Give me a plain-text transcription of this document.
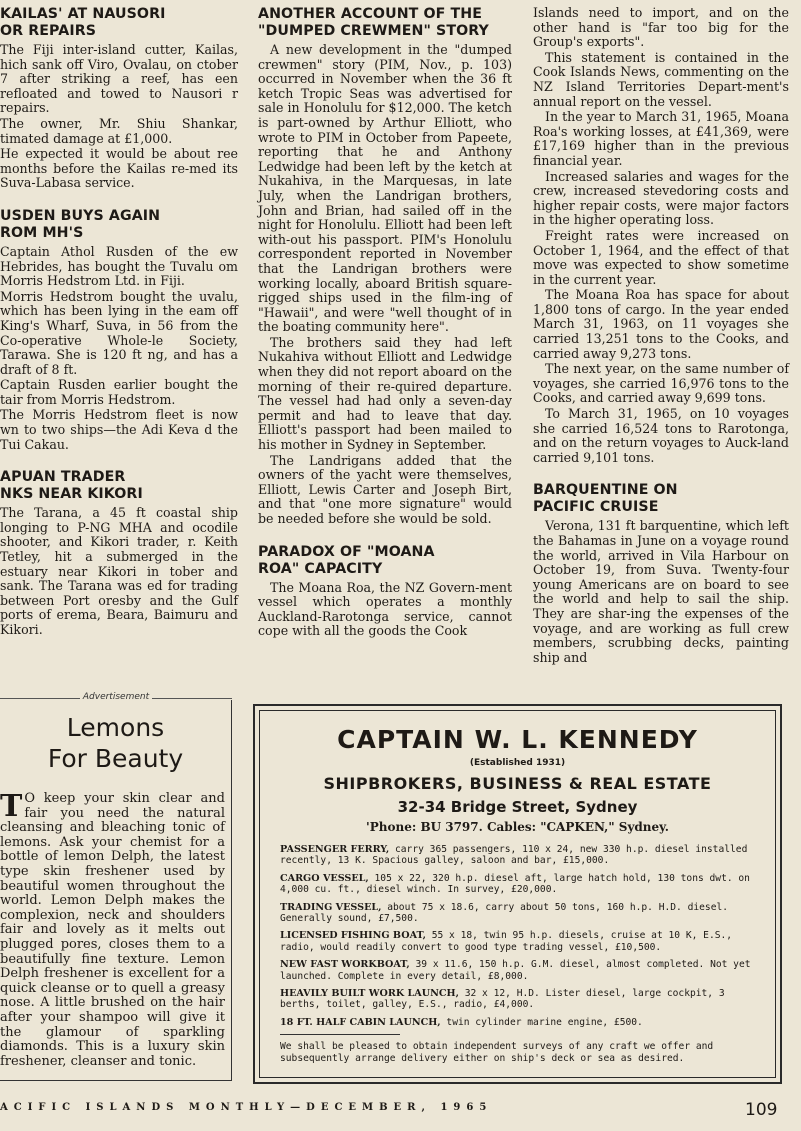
KAILAS' AT NAUSORI
OR REPAIRS

The Fiji inter-island cutter, Kailas, hich sank off Viro, Ovalau, on ctober 7 after striking a reef, has een refloated and towed to Nausori r repairs.

The owner, Mr. Shiu Shankar, timated damage at £1,000.

He expected it would be about ree months before the Kailas re-med its Suva-Labasa service.

USDEN BUYS AGAIN
ROM MH'S

Captain Athol Rusden of the ew Hebrides, has bought the Tuvalu om Morris Hedstrom Ltd. in Fiji.

Morris Hedstrom bought the uvalu, which has been lying in the eam off King's Wharf, Suva, in 56 from the Co-operative Whole-le Society, Tarawa. She is 120 ft ng, and has a draft of 8 ft.

Captain Rusden earlier bought the tair from Morris Hedstrom.

The Morris Hedstrom fleet is now wn to two ships—the Adi Keva d the Tui Cakau.

APUAN TRADER
NKS NEAR KIKORI

The Tarana, a 45 ft coastal ship longing to P-NG MHA and ocodile shooter, and Kikori trader, r. Keith Tetley, hit a submerged in the estuary near Kikori in tober and sank. The Tarana was ed for trading between Port oresby and the Gulf ports of erema, Beara, Baimuru and Kikori.

ANOTHER ACCOUNT OF THE
"DUMPED CREWMEN" STORY

A new development in the "dumped crewmen" story (PIM, Nov., p. 103) occurred in November when the 36 ft ketch Tropic Seas was advertised for sale in Honolulu for $12,000. The ketch is part-owned by Arthur Elliott, who wrote to PIM in October from Papeete, reporting that he and Anthony Ledwidge had been left by the ketch at Nukahiva, in the Marquesas, in late July, when the Landrigan brothers, John and Brian, had sailed off in the night for Honolulu. Elliott had been left with-out his passport. PIM's Honolulu correspondent reported in November that the Landrigan brothers were working locally, aboard British square-rigged ships used in the film-ing of "Hawaii", and were "well thought of in the boating community here".

The brothers said they had left Nukahiva without Elliott and Ledwidge when they did not report aboard on the morning of their re-quired departure. The vessel had had only a seven-day permit and had to leave that day. Elliott's passport had been mailed to his mother in Sydney in September.

The Landrigans added that the owners of the yacht were themselves, Elliott, Lewis Carter and Joseph Birt, and that "one more signature" would be needed before she would be sold.

PARADOX OF "MOANA
ROA" CAPACITY

The Moana Roa, the NZ Govern-ment vessel which operates a monthly Auckland-Rarotonga service, cannot cope with all the goods the Cook

Islands need to import, and on the other hand is "far too big for the Group's exports".

This statement is contained in the Cook Islands News, commenting on the NZ Island Territories Depart-ment's annual report on the vessel.

In the year to March 31, 1965, Moana Roa's working losses, at £41,369, were £17,169 higher than in the previous financial year.

Increased salaries and wages for the crew, increased stevedoring costs and higher repair costs, were major factors in the higher operating loss.

Freight rates were increased on October 1, 1964, and the effect of that move was expected to show sometime in the current year.

The Moana Roa has space for about 1,800 tons of cargo. In the year ended March 31, 1963, on 11 voyages she carried 13,251 tons to the Cooks, and carried away 9,273 tons.

The next year, on the same number of voyages, she carried 16,976 tons to the Cooks, and carried away 9,699 tons.

To March 31, 1965, on 10 voyages she carried 16,524 tons to Rarotonga, and on the return voyages to Auck-land carried 9,101 tons.

BARQUENTINE ON
PACIFIC CRUISE

Verona, 131 ft barquentine, which left the Bahamas in June on a voyage round the world, arrived in Vila Harbour on October 19, from Suva. Twenty-four young Americans are on board to see the world and help to sail the ship. They are shar-ing the expenses of the voyage, and are working as full crew members, scrubbing decks, painting ship and

Advertisement
Lemons
For Beauty
T O keep your skin clear and fair you need the natural cleansing and bleaching tonic of lemons. Ask your chemist for a bottle of lemon Delph, the latest type skin freshener used by beautiful women throughout the world. Lemon Delph makes the complexion, neck and shoulders fair and lovely as it melts out plugged pores, closes them to a beautifully fine texture. Lemon Delph freshener is excellent for a quick cleanse or to quell a greasy nose. A little brushed on the hair after your shampoo will give it the glamour of sparkling diamonds. This is a luxury skin freshener, cleanser and tonic.
CAPTAIN W. L. KENNEDY
(Established 1931)
SHIPBROKERS, BUSINESS & REAL ESTATE
32-34 Bridge Street, Sydney
'Phone: BU 3797. Cables: "CAPKEN," Sydney.
PASSENGER FERRY, carry 365 passengers, 110 x 24, new 330 h.p. diesel installed recently, 13 K. Spacious galley, saloon and bar, £15,000.
CARGO VESSEL, 105 x 22, 320 h.p. diesel aft, large hatch hold, 130 tons dwt. on 4,000 cu. ft., diesel winch. In survey, £20,000.
TRADING VESSEL, about 75 x 18.6, carry about 50 tons, 160 h.p. H.D. diesel. Generally sound, £7,500.
LICENSED FISHING BOAT, 55 x 18, twin 95 h.p. diesels, cruise at 10 K, E.S., radio, would readily convert to good type trading vessel, £10,500.
NEW FAST WORKBOAT, 39 x 11.6, 150 h.p. G.M. diesel, almost completed. Not yet launched. Complete in every detail, £8,000.
HEAVILY BUILT WORK LAUNCH, 32 x 12, H.D. Lister diesel, large cockpit, 3 berths, toilet, galley, E.S., radio, £4,000.
18 FT. HALF CABIN LAUNCH, twin cylinder marine engine, £500.
We shall be pleased to obtain independent surveys of any craft we offer and subsequently arrange delivery either on ship's deck or sea as desired.
ACIFIC ISLANDS MONTHLY—DECEMBER, 1965	109
